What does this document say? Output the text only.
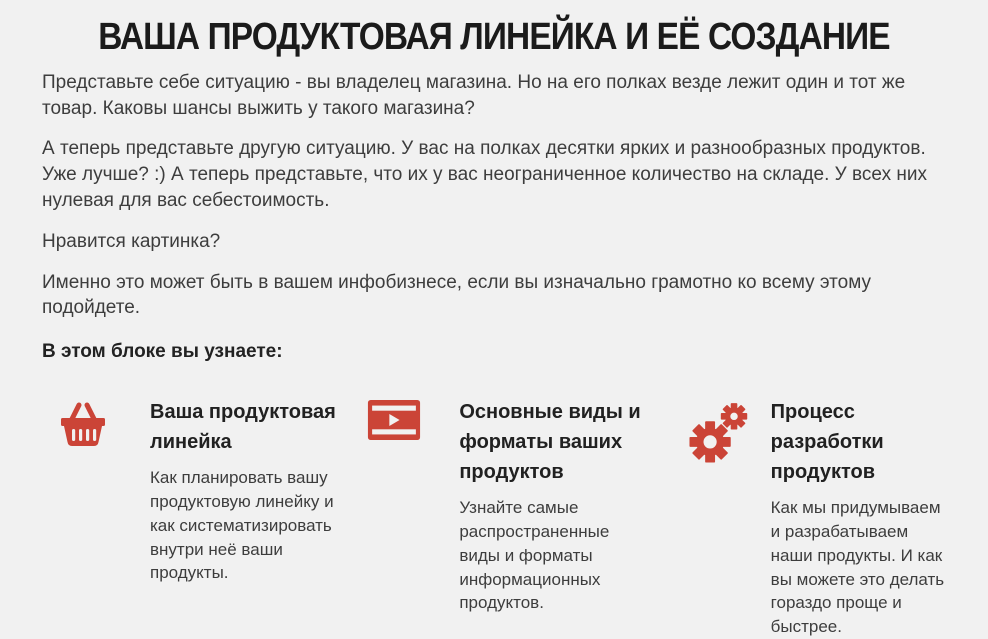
ВАША ПРОДУКТОВАЯ ЛИНЕЙКА И ЕЁ СОЗДАНИЕ

Представьте себе ситуацию - вы владелец магазина. Но на его полках везде лежит один и тот же товар. Каковы шансы выжить у такого магазина?

А теперь представьте другую ситуацию. У вас на полках десятки ярких и разнообразных продуктов. Уже лучше? :) А теперь представьте, что их у вас неограниченное количество на складе. У всех них нулевая для вас себестоимость.

Нравится картинка?

Именно это может быть в вашем инфобизнесе, если вы изначально грамотно ко всему этому подойдете.

В этом блоке вы узнаете:

Ваша продуктовая линейка

Как планировать вашу продуктовую линейку и как систематизировать внутри неё ваши продукты.

Основные виды и форматы ваших продуктов

Узнайте самые распространенные виды и форматы информационных продуктов.

Процесс разработки продуктов

Как мы придумываем и разрабатываем наши продукты. И как вы можете это делать гораздо проще и быстрее.
